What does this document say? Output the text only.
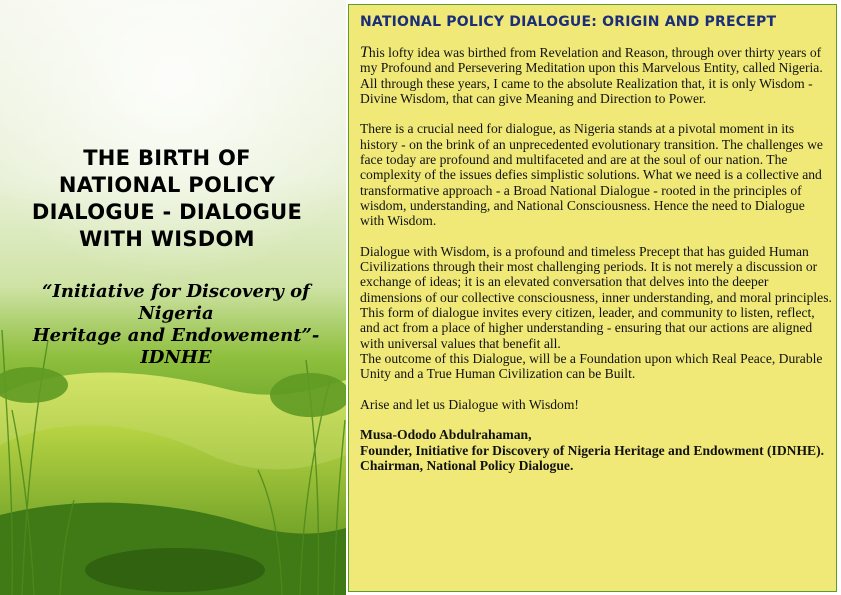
THE BIRTH OF
NATIONAL POLICY
DIALOGUE - DIALOGUE
WITH WISDOM

“Initiative for Discovery of Nigeria
Heritage and Endowement”-IDNHE

NATIONAL POLICY DIALOGUE: ORIGIN AND PRECEPT

This lofty idea was birthed from Revelation and Reason, through over thirty years of my Profound and Persevering Meditation upon this Marvelous Entity, called Nigeria.

All through these years, I came to the absolute Realization that, it is only Wisdom - Divine Wisdom, that can give Meaning and Direction to Power.

There is a crucial need for dialogue, as Nigeria stands at a pivotal moment in its history - on the brink of an unprecedented evolutionary transition. The challenges we face today are profound and multifaceted and are at the soul of our nation. The complexity of the issues defies simplistic solutions. What we need is a collective and transformative approach - a Broad National Dialogue - rooted in the principles of wisdom, understanding, and National Consciousness. Hence the need to Dialogue with Wisdom.

Dialogue with Wisdom, is a profound and timeless Precept that has guided Human Civilizations through their most challenging periods. It is not merely a discussion or exchange of ideas; it is an elevated conversation that delves into the deeper dimensions of our collective consciousness, inner understanding, and moral principles. This form of dialogue invites every citizen, leader, and community to listen, reflect, and act from a place of higher understanding - ensuring that our actions are aligned with universal values that benefit all.

The outcome of this Dialogue, will be a Foundation upon which Real Peace, Durable Unity and a True Human Civilization can be Built.

Arise and let us Dialogue with Wisdom!

Musa-Ododo Abdulrahaman,

Founder, Initiative for Discovery of Nigeria Heritage and Endowment (IDNHE).

Chairman, National Policy Dialogue.
